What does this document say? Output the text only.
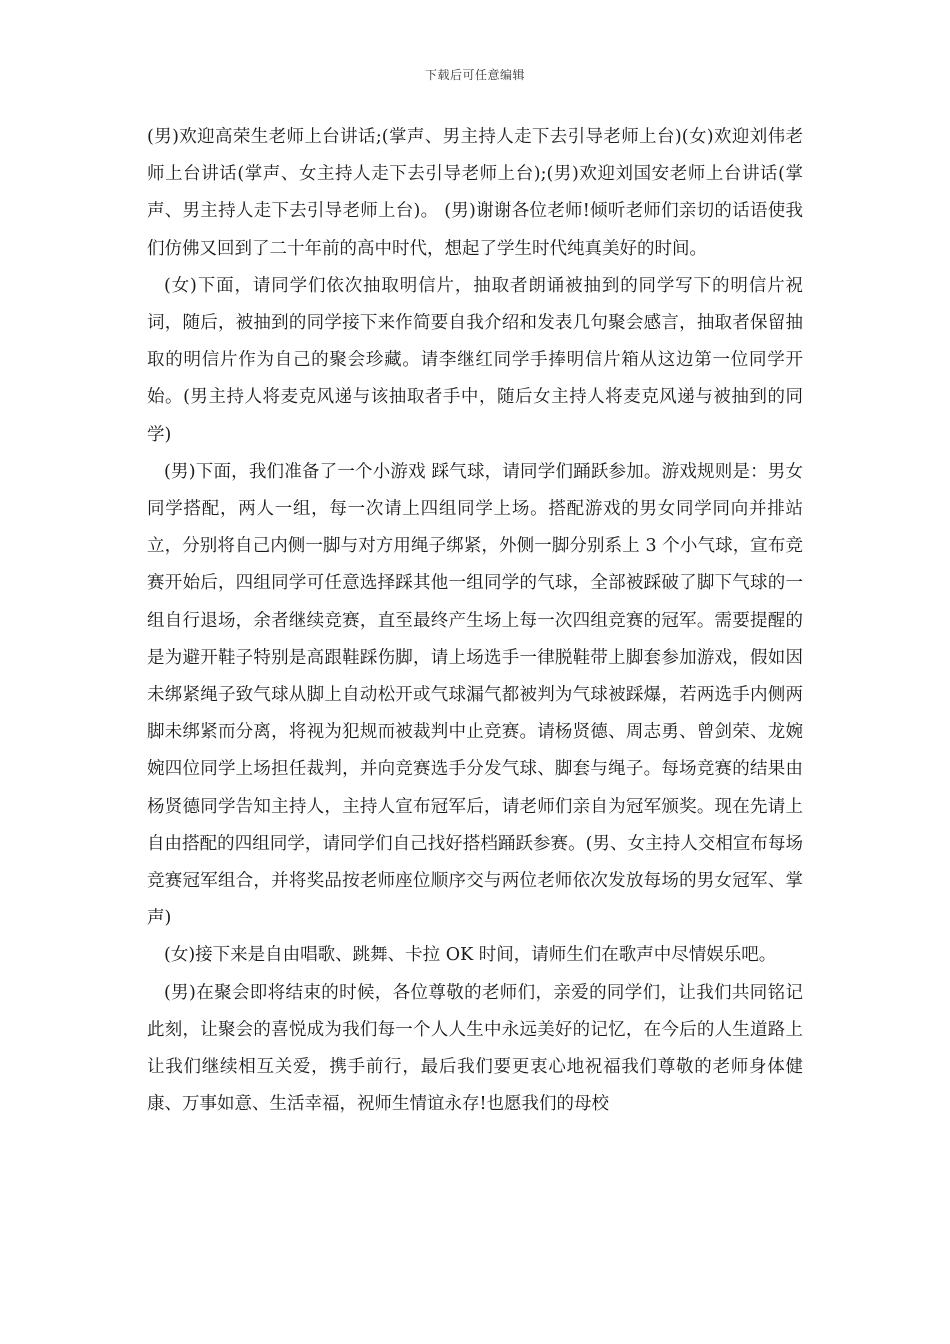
下载后可任意编辑

(男)欢迎高荣生老师上台讲话;(掌声、男主持人走下去引导老师上台)(女)欢迎刘伟老师上台讲话(掌声、女主持人走下去引导老师上台);(男)欢迎刘国安老师上台讲话(掌声、男主持人走下去引导老师上台)。 (男)谢谢各位老师!倾听老师们亲切的话语使我们仿佛又回到了二十年前的高中时代，想起了学生时代纯真美好的时间。

(女)下面，请同学们依次抽取明信片，抽取者朗诵被抽到的同学写下的明信片祝词，随后，被抽到的同学接下来作简要自我介绍和发表几句聚会感言，抽取者保留抽取的明信片作为自己的聚会珍藏。请李继红同学手捧明信片箱从这边第一位同学开始。(男主持人将麦克风递与该抽取者手中，随后女主持人将麦克风递与被抽到的同学)

(男)下面，我们准备了一个小游戏 踩气球，请同学们踊跃参加。游戏规则是：男女同学搭配，两人一组，每一次请上四组同学上场。搭配游戏的男女同学同向并排站立，分别将自己内侧一脚与对方用绳子绑紧，外侧一脚分别系上 3 个小气球，宣布竞赛开始后，四组同学可任意选择踩其他一组同学的气球，全部被踩破了脚下气球的一组自行退场，余者继续竞赛，直至最终产生场上每一次四组竞赛的冠军。需要提醒的是为避开鞋子特别是高跟鞋踩伤脚，请上场选手一律脱鞋带上脚套参加游戏，假如因未绑紧绳子致气球从脚上自动松开或气球漏气都被判为气球被踩爆，若两选手内侧两脚未绑紧而分离，将视为犯规而被裁判中止竞赛。请杨贤德、周志勇、曾剑荣、龙婉婉四位同学上场担任裁判，并向竞赛选手分发气球、脚套与绳子。每场竞赛的结果由杨贤德同学告知主持人，主持人宣布冠军后，请老师们亲自为冠军颁奖。现在先请上自由搭配的四组同学，请同学们自己找好搭档踊跃参赛。(男、女主持人交相宣布每场竞赛冠军组合，并将奖品按老师座位顺序交与两位老师依次发放每场的男女冠军、掌声)

(女)接下来是自由唱歌、跳舞、卡拉 OK 时间，请师生们在歌声中尽情娱乐吧。

(男)在聚会即将结束的时候，各位尊敬的老师们，亲爱的同学们，让我们共同铭记此刻，让聚会的喜悦成为我们每一个人人生中永远美好的记忆，在今后的人生道路上让我们继续相互关爱，携手前行，最后我们要更衷心地祝福我们尊敬的老师身体健康、万事如意、生活幸福，祝师生情谊永存!也愿我们的母校
